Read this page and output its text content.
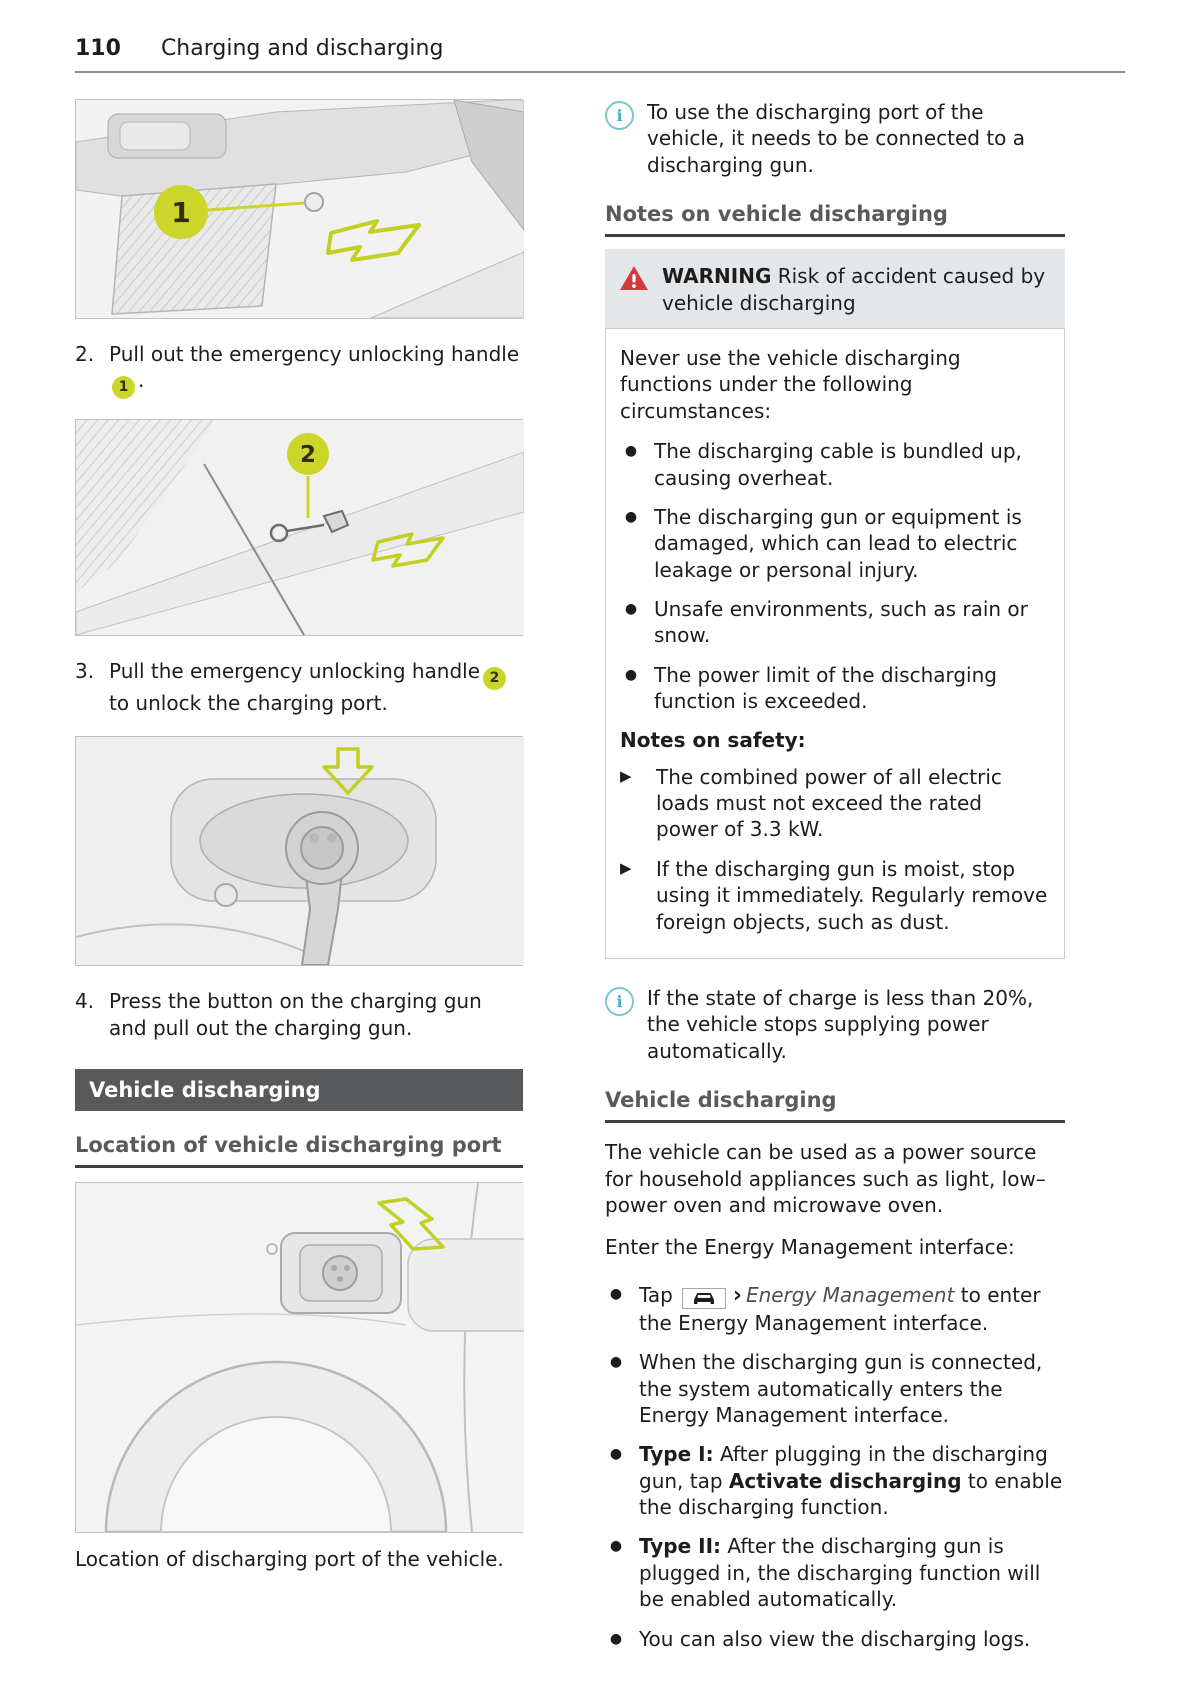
110 Charging and discharging
1
2. Pull out the emergency unlocking handle1 .
2
3. Pull the emergency unlocking handle 2 to unlock the charging port.
4. Press the button on the charging gun and pull out the charging gun.
Vehicle discharging
Location of vehicle discharging port
Location of discharging port of the vehicle.
i	To use the discharging port of the vehicle, it needs to be connected to a discharging gun.
Notes on vehicle discharging
WARNING Risk of accident caused by vehicle discharging
Never use the vehicle discharging functions under the following circumstances:
● The discharging cable is bundled up, causing overheat.
● The discharging gun or equipment is damaged, which can lead to electric leakage or personal injury.
● Unsafe environments, such as rain or snow.
● The power limit of the discharging function is exceeded.
Notes on safety:
▶	The combined power of all electric loads must not exceed the rated power of 3.3 kW.
▶	If the discharging gun is moist, stop using it immediately. Regularly remove foreign objects, such as dust.
i	If the state of charge is less than 20%, the vehicle stops supplying power automatically.
Vehicle discharging
The vehicle can be used as a power source for household appliances such as light, low–power oven and microwave oven.
Enter the Energy Management interface:
● Tap	› Energy Management to enter the Energy Management interface.
● When the discharging gun is connected, the system automatically enters the Energy Management interface.
● Type I: After plugging in the discharging gun, tap Activate discharging to enable the discharging function.
● Type II: After the discharging gun is plugged in, the discharging function will be enabled automatically.
● You can also view the discharging logs.
